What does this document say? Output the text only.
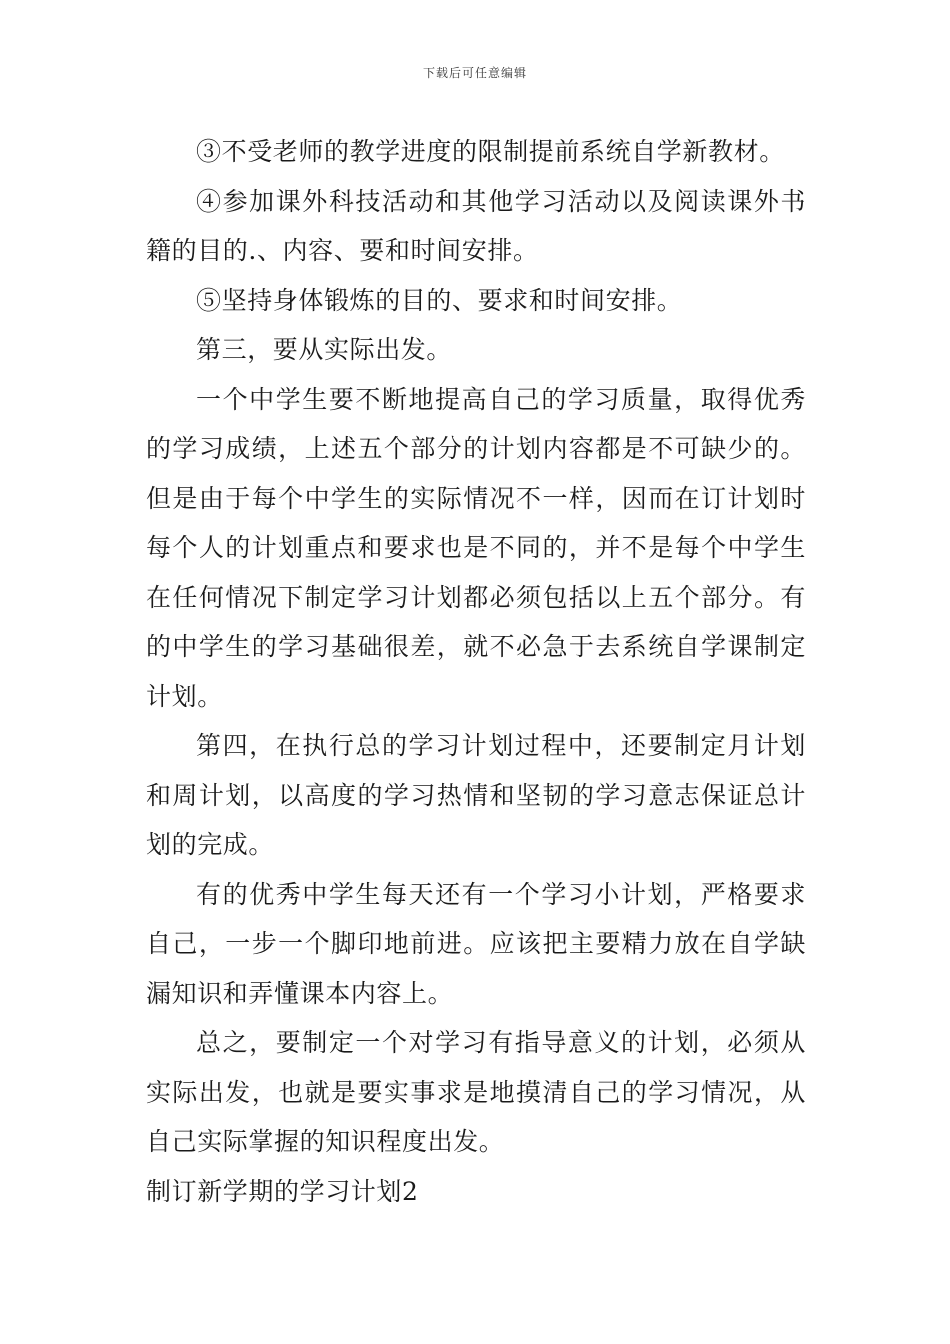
下载后可任意编辑

③不受老师的教学进度的限制提前系统自学新教材。

④参加课外科技活动和其他学习活动以及阅读课外书籍的目的.、内容、要和时间安排。

⑤坚持身体锻炼的目的、要求和时间安排。

第三，要从实际出发。

一个中学生要不断地提高自己的学习质量，取得优秀的学习成绩，上述五个部分的计划内容都是不可缺少的。但是由于每个中学生的实际情况不一样，因而在订计划时每个人的计划重点和要求也是不同的，并不是每个中学生在任何情况下制定学习计划都必须包括以上五个部分。有的中学生的学习基础很差，就不必急于去系统自学课制定计划。

第四，在执行总的学习计划过程中，还要制定月计划和周计划，以高度的学习热情和坚韧的学习意志保证总计划的完成。

有的优秀中学生每天还有一个学习小计划，严格要求自己，一步一个脚印地前进。应该把主要精力放在自学缺漏知识和弄懂课本内容上。

总之，要制定一个对学习有指导意义的计划，必须从实际出发，也就是要实事求是地摸清自己的学习情况，从自己实际掌握的知识程度出发。

制订新学期的学习计划2
